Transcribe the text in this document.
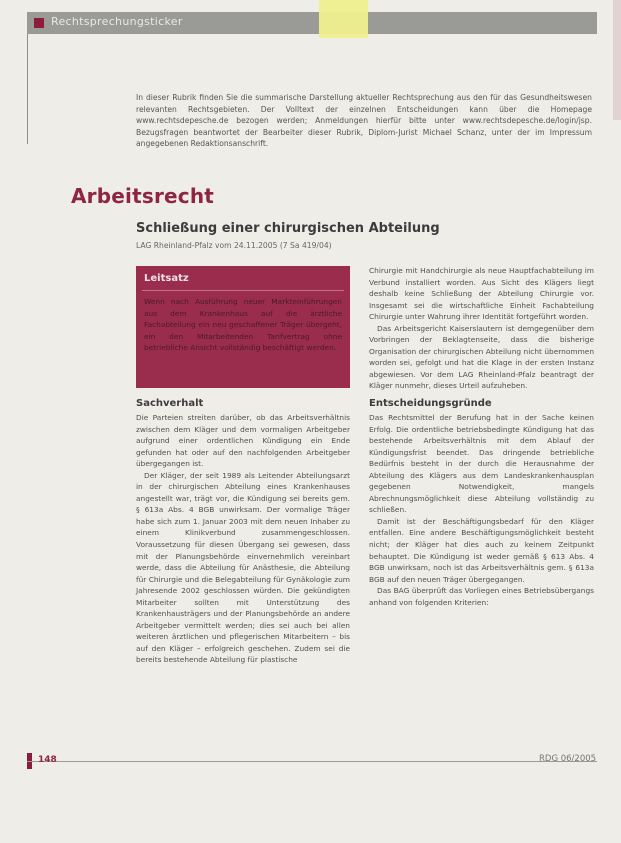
Rechtsprechungsticker

In dieser Rubrik finden Sie die summarische Darstellung aktueller Rechtsprechung aus den für das Gesundheitswesen relevanten Rechtsgebieten. Der Volltext der einzelnen Entscheidungen kann über die Homepage www.rechtsdepesche.de bezogen werden; Anmeldungen hierfür bitte unter www.rechtsdepesche.de/login/jsp. Bezugsfragen beantwortet der Bearbeiter dieser Rubrik, Diplom-Jurist Michael Schanz, unter der im Impressum angegebenen Redaktionsanschrift.

Arbeitsrecht
Schließung einer chirurgischen Abteilung
LAG Rheinland-Pfalz vom 24.11.2005 (7 Sa 419/04)
Leitsatz

Wenn nach Ausführung neuer Markteinführungen aus dem Krankenhaus auf die ärztliche Fachabteilung ein neu geschaffener Träger übergeht, ein den Mitarbeitenden Tarifvertrag ohne betriebliche Ansicht vollständig beschäftigt werden.

Sachverhalt

Die Parteien streiten darüber, ob das Arbeitsverhältnis zwischen dem Kläger und dem vormaligen Arbeitgeber aufgrund einer ordentlichen Kündigung ein Ende gefunden hat oder auf den nachfolgenden Arbeitgeber übergegangen ist.

Der Kläger, der seit 1989 als Leitender Abteilungsarzt in der chirurgischen Abteilung eines Krankenhauses angestellt war, trägt vor, die Kündigung sei bereits gem. § 613a Abs. 4 BGB unwirksam. Der vormalige Träger habe sich zum 1. Januar 2003 mit dem neuen Inhaber zu einem Klinikverbund zusammengeschlossen. Voraussetzung für diesen Übergang sei gewesen, dass mit der Planungsbehörde einvernehmlich vereinbart werde, dass die Abteilung für Anästhesie, die Abteilung für Chirurgie und die Belegabteilung für Gynäkologie zum Jahresende 2002 geschlossen würden. Die gekündigten Mitarbeiter sollten mit Unterstützung des Krankenhausträgers und der Planungsbehörde an andere Arbeitgeber vermittelt werden; dies sei auch bei allen weiteren ärztlichen und pflegerischen Mitarbeitern – bis auf den Kläger – erfolgreich geschehen. Zudem sei die bereits bestehende Abteilung für plastische

Chirurgie mit Handchirurgie als neue Hauptfachabteilung im Verbund installiert worden. Aus Sicht des Klägers liegt deshalb keine Schließung der Abteilung Chirurgie vor. Insgesamt sei die wirtschaftliche Einheit Fachabteilung Chirurgie unter Wahrung ihrer Identität fortgeführt worden.

Das Arbeitsgericht Kaiserslautern ist demgegenüber dem Vorbringen der Beklagtenseite, dass die bisherige Organisation der chirurgischen Abteilung nicht übernommen worden sei, gefolgt und hat die Klage in der ersten Instanz abgewiesen. Vor dem LAG Rheinland-Pfalz beantragt der Kläger nunmehr, dieses Urteil aufzuheben.

Entscheidungsgründe

Das Rechtsmittel der Berufung hat in der Sache keinen Erfolg. Die ordentliche betriebsbedingte Kündigung hat das bestehende Arbeitsverhältnis mit dem Ablauf der Kündigungsfrist beendet. Das dringende betriebliche Bedürfnis besteht in der durch die Herausnahme der Abteilung des Klägers aus dem Landeskrankenhausplan gegebenen Notwendigkeit, mangels Abrechnungsmöglichkeit diese Abteilung vollständig zu schließen.

Damit ist der Beschäftigungsbedarf für den Kläger entfallen. Eine andere Beschäftigungsmöglichkeit besteht nicht; der Kläger hat dies auch zu keinem Zeitpunkt behauptet. Die Kündigung ist weder gemäß § 613 Abs. 4 BGB unwirksam, noch ist das Arbeitsverhältnis gem. § 613a BGB auf den neuen Träger übergegangen.

Das BAG überprüft das Vorliegen eines Betriebsübergangs anhand von folgenden Kriterien:

148	RDG 06/2005
